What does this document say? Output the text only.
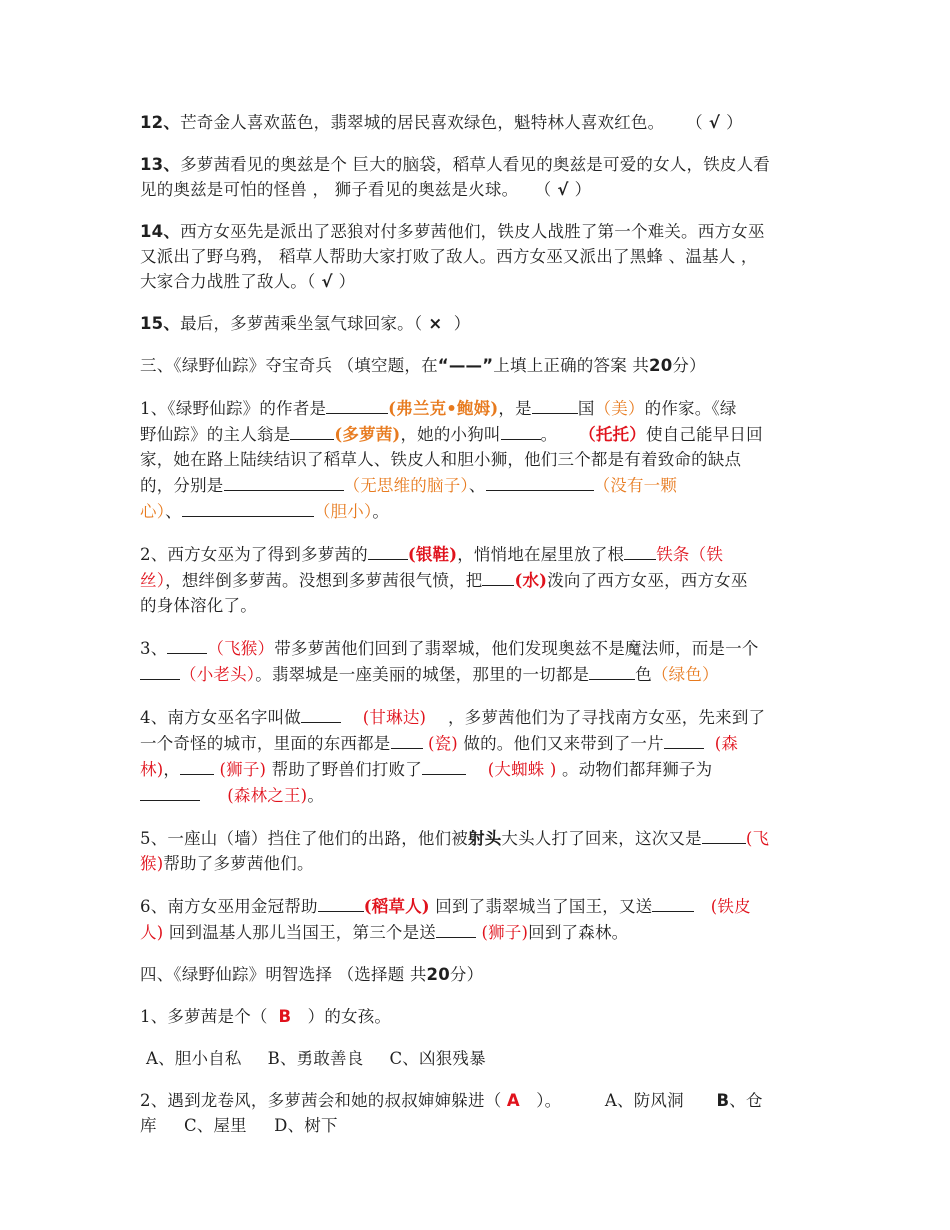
12、芒奇金人喜欢蓝色，翡翠城的居民喜欢绿色，魁特林人喜欢红色。    （ √ ）

13、多萝茜看见的奥兹是个 巨大的脑袋，稻草人看见的奥兹是可爱的女人，铁皮人看
见的奥兹是可怕的怪兽 ， 狮子看见的奥兹是火球。   （ √ ）

14、西方女巫先是派出了恶狼对付多萝茜他们，铁皮人战胜了第一个难关。西方女巫
又派出了野乌鸦， 稻草人帮助大家打败了敌人。西方女巫又派出了黑蜂 、温基人 ，
大家合力战胜了敌人。（ √ ）

15、最后，多萝茜乘坐氢气球回家。（ × ）

三、《绿野仙踪》夺宝奇兵 （填空题，在“——”上填上正确的答案 共20分）

1、《绿野仙踪》的作者是	(弗兰克•鲍姆)，是	国（美）的作家。《绿
野仙踪》的主人翁是	(多萝茜)，她的小狗叫 。 （托托）使自己能早日回
家，她在路上陆续结识了稻草人、铁皮人和胆小狮，他们三个都是有着致命的缺点
的，分别是	（无思维的脑子）、	（没有一颗
心）、	（胆小）。

2、西方女巫为了得到多萝茜的 (银鞋)，悄悄地在屋里放了根 铁条（铁
丝），想绊倒多萝茜。没想到多萝茜很气愤，把 (水)泼向了西方女巫，西方女巫
的身体溶化了。

3、 （飞猴）带多萝茜他们回到了翡翠城，他们发现奥兹不是魔法师，而是一个
（小老头）。翡翠城是一座美丽的城堡，那里的一切都是	色（绿色）

4、南方女巫名字叫做	(甘琳达) ，多萝茜他们为了寻找南方女巫，先来到了
一个奇怪的城市，里面的东西都是 (瓷) 做的。他们又来带到了一片	(森
林)， (狮子) 帮助了野兽们打败了	(大蜘蛛 ) 。动物们都拜狮子为
(森林之王)。

5、一座山（墙）挡住了他们的出路，他们被射头大头人打了回来，这次又是	(飞
猴)帮助了多萝茜他们。

6、南方女巫用金冠帮助	(稻草人) 回到了翡翠城当了国王，又送	(铁皮
人) 回到温基人那儿当国王，第三个是送	(狮子)回到了森林。

四、《绿野仙踪》明智选择 （选择题 共20分）

1、多萝茜是个（ B ）的女孩。

A、胆小自私 B、勇敢善良 C、凶狠残暴

2、遇到龙卷风，多萝茜会和她的叔叔婶婶躲进（ A ）。	A、防风洞 B、仓
库 C、屋里 D、树下
